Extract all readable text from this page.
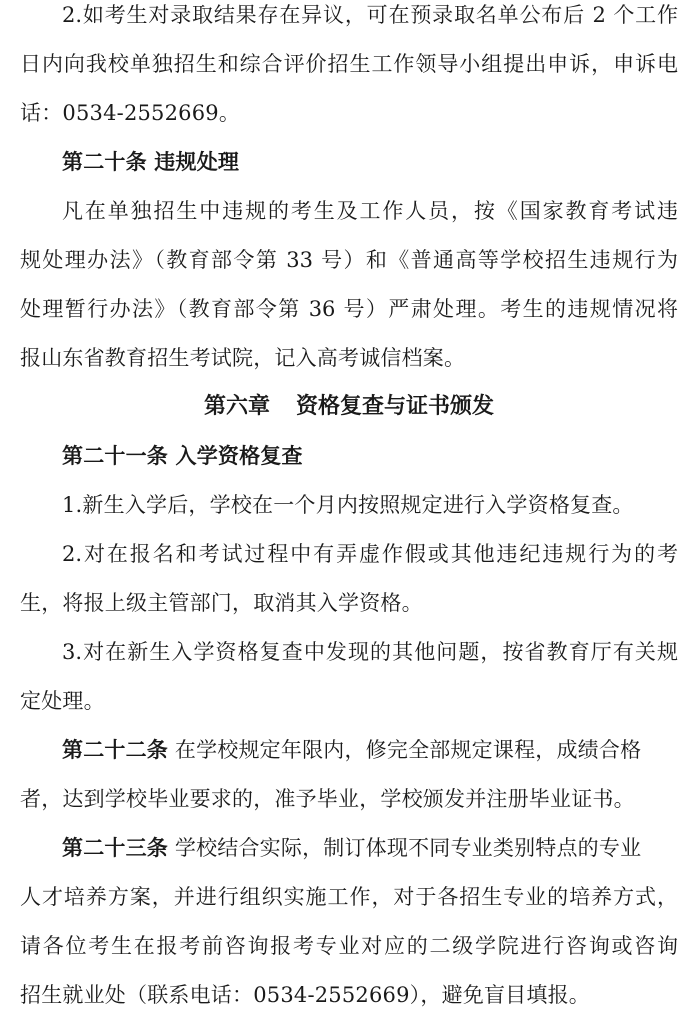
2.如考生对录取结果存在异议，可在预录取名单公布后 2 个工作
日内向我校单独招生和综合评价招生工作领导小组提出申诉，申诉电
话：0534-2552669。
第二十条 违规处理
凡在单独招生中违规的考生及工作人员，按《国家教育考试违
规处理办法》（教育部令第 33 号）和《普通高等学校招生违规行为
处理暂行办法》（教育部令第 36 号）严肃处理。考生的违规情况将
报山东省教育招生考试院，记入高考诚信档案。
第六章 资格复查与证书颁发
第二十一条 入学资格复查
1.新生入学后，学校在一个月内按照规定进行入学资格复查。
2.对在报名和考试过程中有弄虚作假或其他违纪违规行为的考
生，将报上级主管部门，取消其入学资格。
3.对在新生入学资格复查中发现的其他问题，按省教育厅有关规
定处理。
第二十二条 在学校规定年限内，修完全部规定课程，成绩合格
者，达到学校毕业要求的，准予毕业，学校颁发并注册毕业证书。
第二十三条 学校结合实际，制订体现不同专业类别特点的专业
人才培养方案，并进行组织实施工作，对于各招生专业的培养方式，
请各位考生在报考前咨询报考专业对应的二级学院进行咨询或咨询
招生就业处（联系电话：0534-2552669），避免盲目填报。
